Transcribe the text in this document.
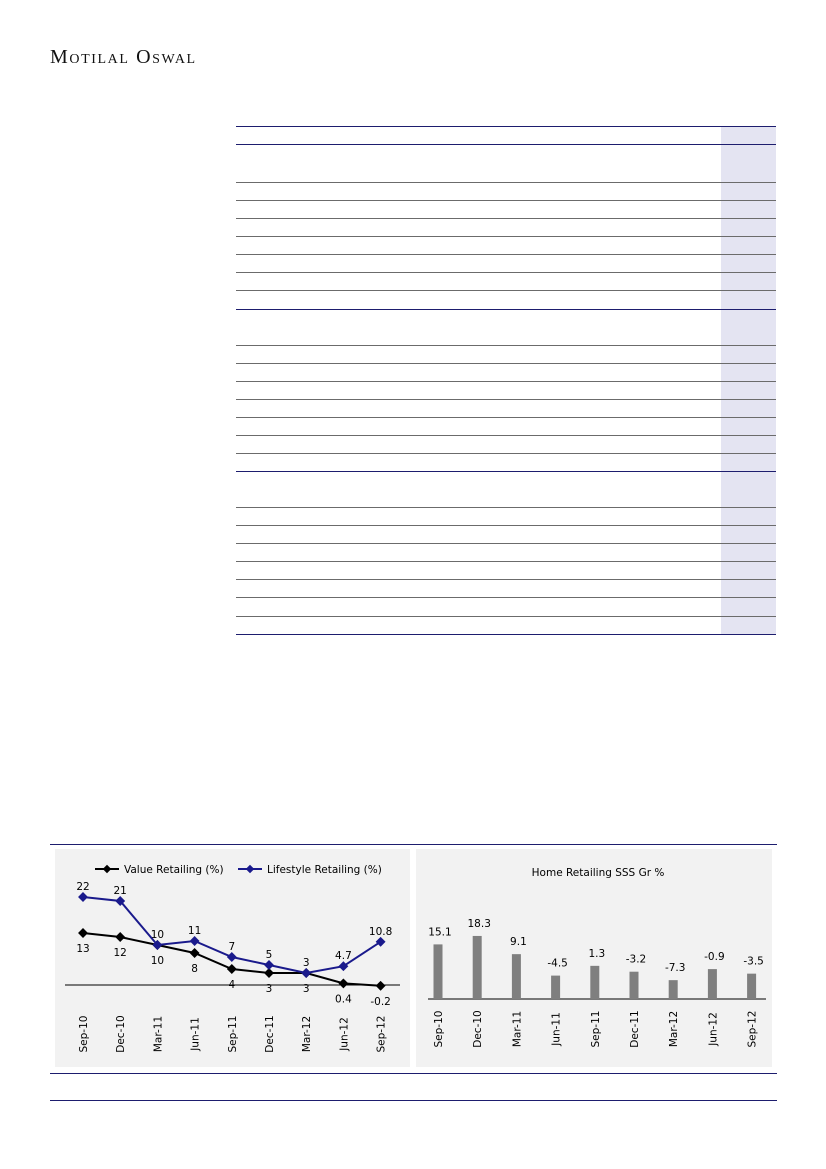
Motilal Oswal
Value Retailing (%)	Lifestyle Retailing (%)
13 12
10
8
4	3	3
0.4 -0.2
22 21
10 11
7
5
3
4.7
10.8
Sep-10 Dec-10 Mar-11 Jun-11 Sep-11 Dec-11 Mar-12 Jun-12 Sep-12
Home Retailing SSS Gr %
15.1
Sep-10
18.3
Dec-10
9.1
Mar-11
-4.5
Jun-11
1.3
Sep-11
-3.2
Dec-11
-7.3
Mar-12
-0.9
Jun-12
-3.5
Sep-12
